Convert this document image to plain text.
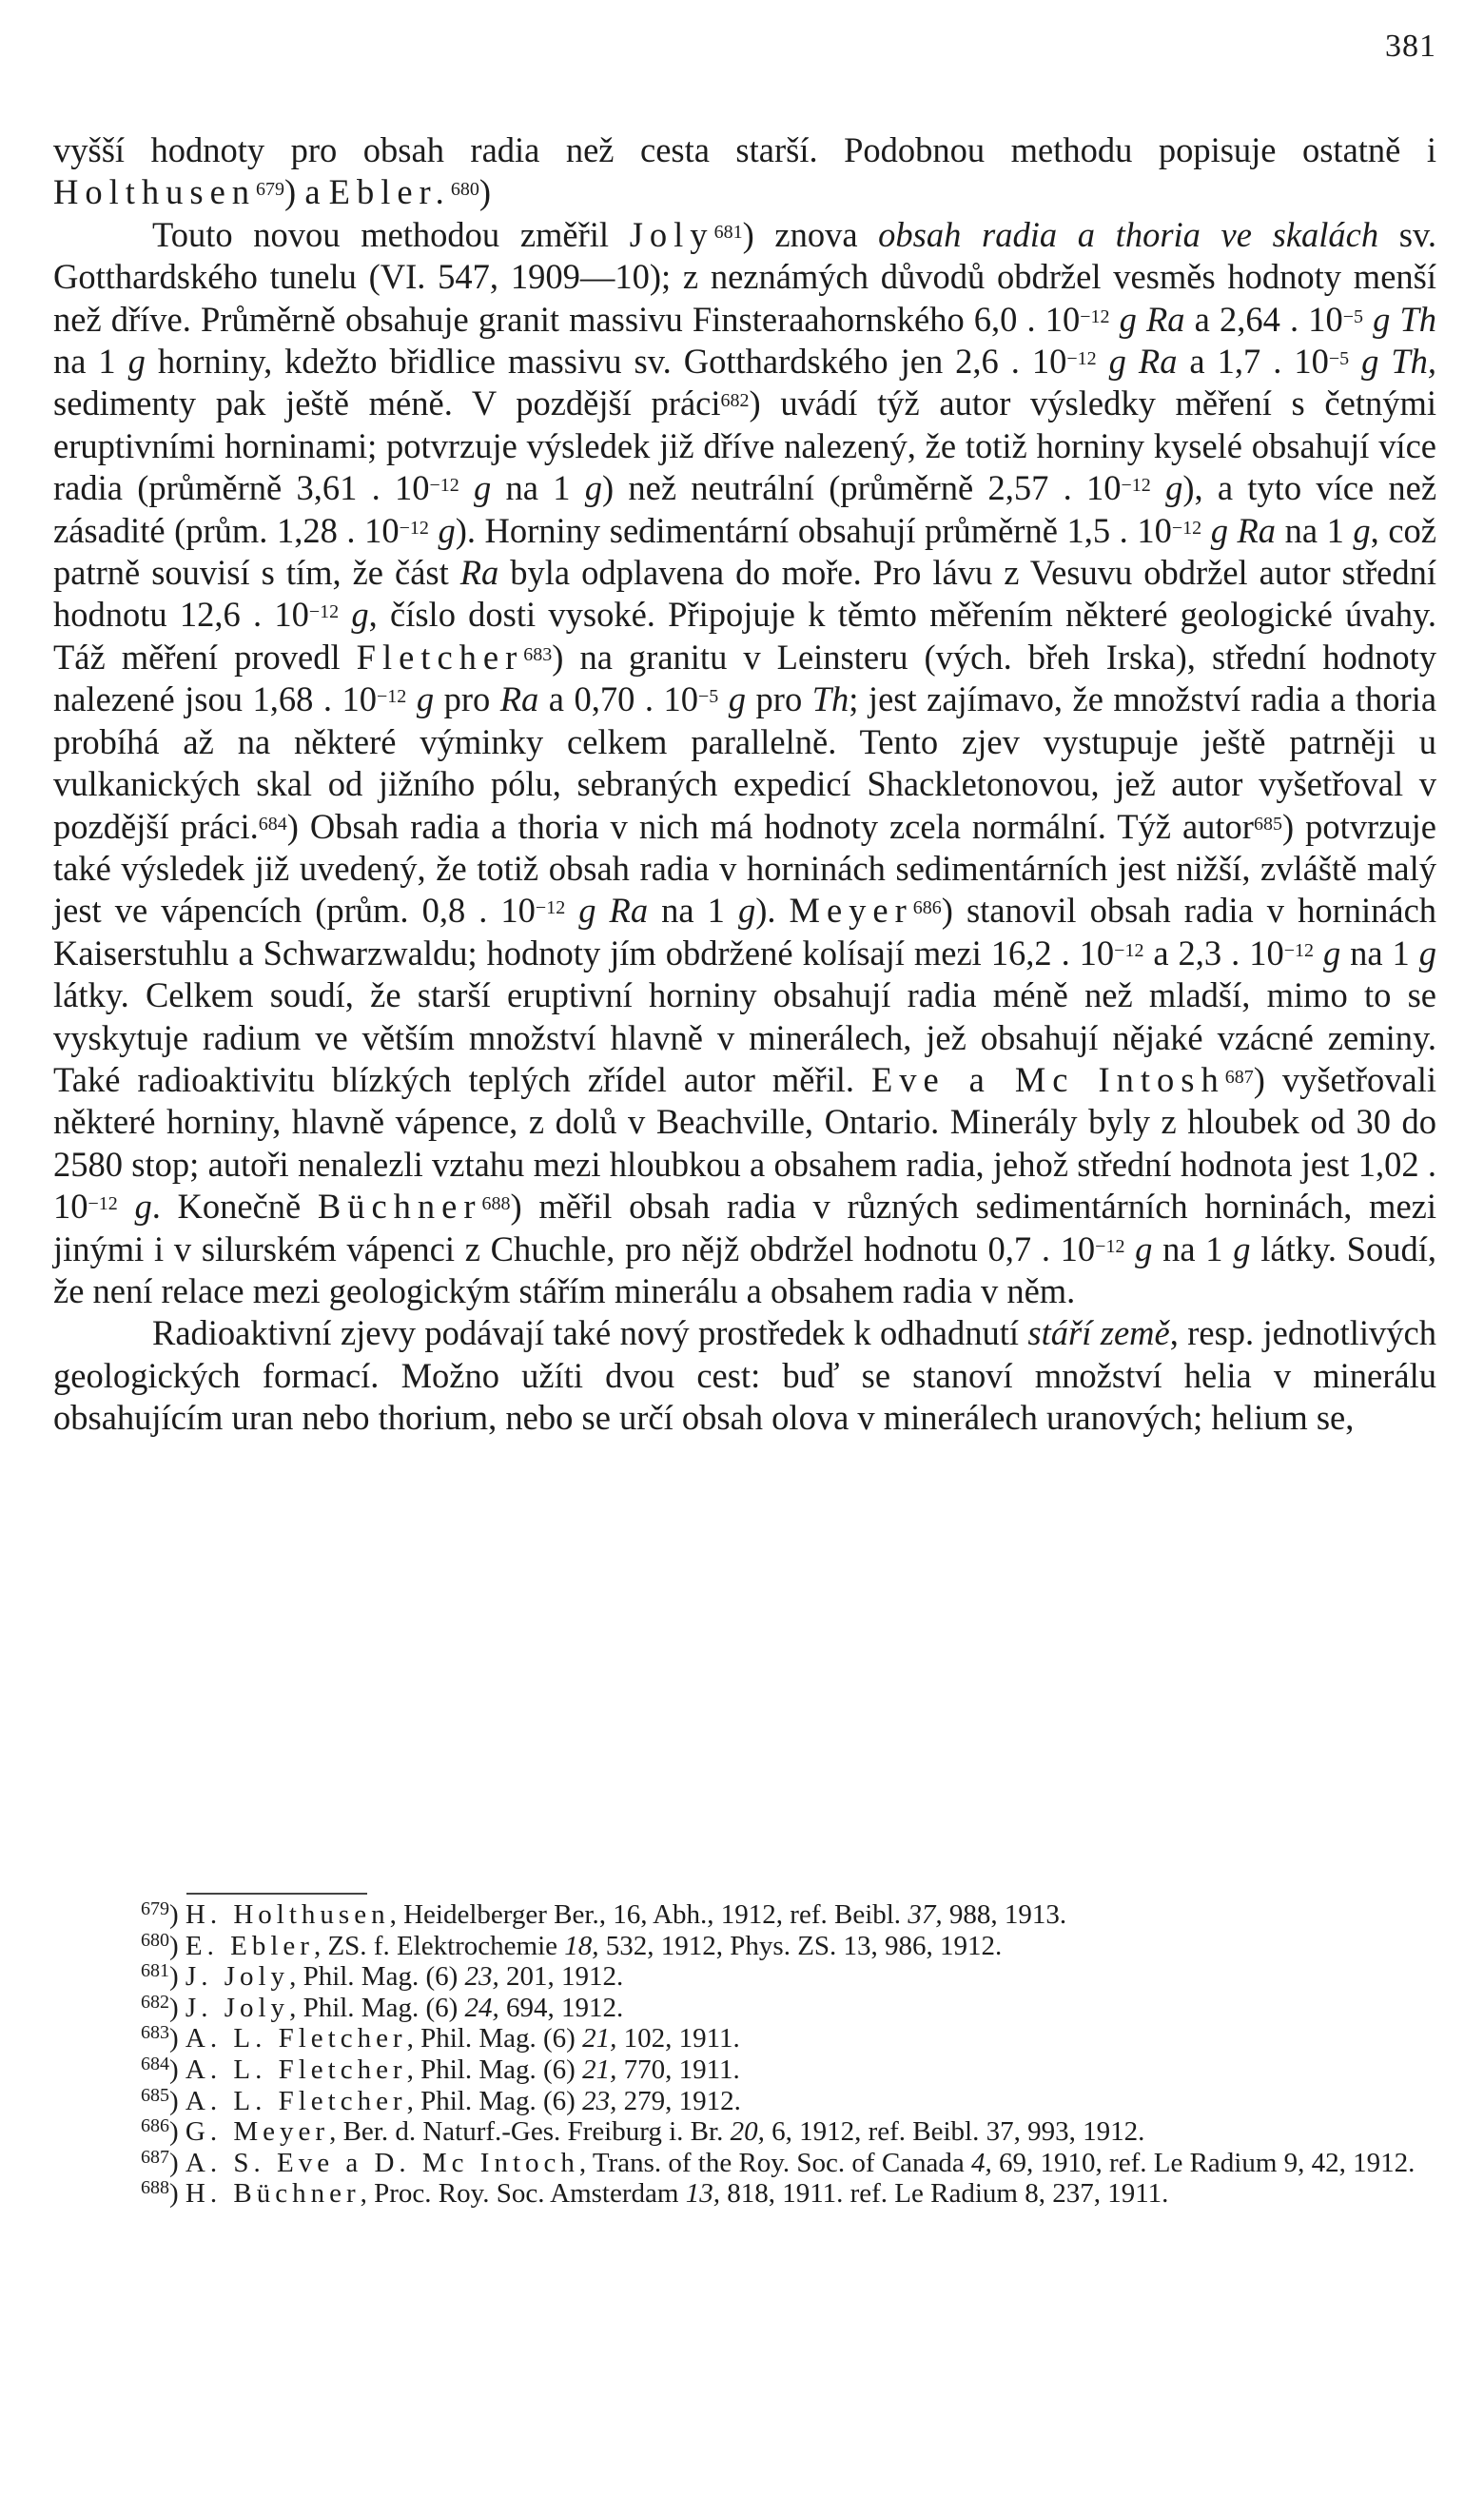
381

vyšší hodnoty pro obsah radia než cesta starší. Podobnou methodu popisuje ostatně i Holthusen$^{679}$) a Ebler.$^{680}$)

Touto novou methodou změřil Joly$^{681}$) znova obsah radia a thoria ve skalách sv. Gotthardského tunelu (VI. 547, 1909—10); z neznámých důvodů obdržel vesměs hodnoty menší než dříve. Průměrně obsahuje granit massivu Finsteraahornského 6,0 . 10$^{-12}$ g Ra a 2,64 . 10$^{-5}$ g Th na 1 g horniny, kdežto břidlice massivu sv. Gotthardského jen 2,6 . 10$^{-12}$ g Ra a 1,7 . 10$^{-5}$ g Th, sedimenty pak ještě méně. V pozdější práci$^{682}$) uvádí týž autor výsledky měření s četnými eruptivními horninami; potvrzuje výsledek již dříve nalezený, že totiž horniny kyselé obsahují více radia (průměrně 3,61 . 10$^{-12}$ g na 1 g) než neutrální (průměrně 2,57 . 10$^{-12}$ g), a tyto více než zásadité (prům. 1,28 . 10$^{-12}$ g). Horniny sedimentární obsahují průměrně 1,5 . 10$^{-12}$ g Ra na 1 g, což patrně souvisí s tím, že část Ra byla odplavena do moře. Pro lávu z Vesuvu obdržel autor střední hodnotu 12,6 . 10$^{-12}$ g, číslo dosti vysoké. Připojuje k těmto měřením některé geologické úvahy. Táž měření provedl Fletcher$^{683}$) na granitu v Leinsteru (vých. břeh Irska), střední hodnoty nalezené jsou 1,68 . 10$^{-12}$ g pro Ra a 0,70 . 10$^{-5}$ g pro Th; jest zajímavo, že množství radia a thoria probíhá až na některé výminky celkem parallelně. Tento zjev vystupuje ještě patrněji u vulkanických skal od jižního pólu, sebraných expedicí Shackletonovou, jež autor vyšetřoval v pozdější práci.$^{684}$) Obsah radia a thoria v nich má hodnoty zcela normální. Týž autor$^{685}$) potvrzuje také výsledek již uvedený, že totiž obsah radia v horninách sedimentárních jest nižší, zvláště malý jest ve vápencích (prům. 0,8 . 10$^{-12}$ g Ra na 1 g). Meyer$^{686}$) stanovil obsah radia v horninách Kaiserstuhlu a Schwarzwaldu; hodnoty jím obdržené kolísají mezi 16,2 . 10$^{-12}$ a 2,3 . 10$^{-12}$ g na 1 g látky. Celkem soudí, že starší eruptivní horniny obsahují radia méně než mladší, mimo to se vyskytuje radium ve větším množství hlavně v minerálech, jež obsahují nějaké vzácné zeminy. Také radioaktivitu blízkých teplých zřídel autor měřil. Eve a Mc Intosh$^{687}$) vyšetřovali některé horniny, hlavně vápence, z dolů v Beachville, Ontario. Minerály byly z hloubek od 30 do 2580 stop; autoři nenalezli vztahu mezi hloubkou a obsahem radia, jehož střední hodnota jest 1,02 . 10$^{-12}$ g. Konečně Büchner$^{688}$) měřil obsah radia v různých sedimentárních horninách, mezi jinými i v silurském vápenci z Chuchle, pro nějž obdržel hodnotu 0,7 . 10$^{-12}$ g na 1 g látky. Soudí, že není relace mezi geologickým stářím minerálu a obsahem radia v něm.

Radioaktivní zjevy podávají také nový prostředek k odhadnutí stáří země, resp. jednotlivých geologických formací. Možno užíti dvou cest: buď se stanoví množství helia v minerálu obsahujícím uran nebo thorium, nebo se určí obsah olova v minerálech uranových; helium se,

$^{679}$) H. Holthusen, Heidelberger Ber., 16, Abh., 1912, ref. Beibl. 37, 988, 1913.

$^{680}$) E. Ebler, ZS. f. Elektrochemie 18, 532, 1912, Phys. ZS. 13, 986, 1912.

$^{681}$) J. Joly, Phil. Mag. (6) 23, 201, 1912.

$^{682}$) J. Joly, Phil. Mag. (6) 24, 694, 1912.

$^{683}$) A. L. Fletcher, Phil. Mag. (6) 21, 102, 1911.

$^{684}$) A. L. Fletcher, Phil. Mag. (6) 21, 770, 1911.

$^{685}$) A. L. Fletcher, Phil. Mag. (6) 23, 279, 1912.

$^{686}$) G. Meyer, Ber. d. Naturf.-Ges. Freiburg i. Br. 20, 6, 1912, ref. Beibl. 37, 993, 1912.

$^{687}$) A. S. Eve a D. Mc Intoch, Trans. of the Roy. Soc. of Canada 4, 69, 1910, ref. Le Radium 9, 42, 1912.

$^{688}$) H. Büchner, Proc. Roy. Soc. Amsterdam 13, 818, 1911. ref. Le Radium 8, 237, 1911.
